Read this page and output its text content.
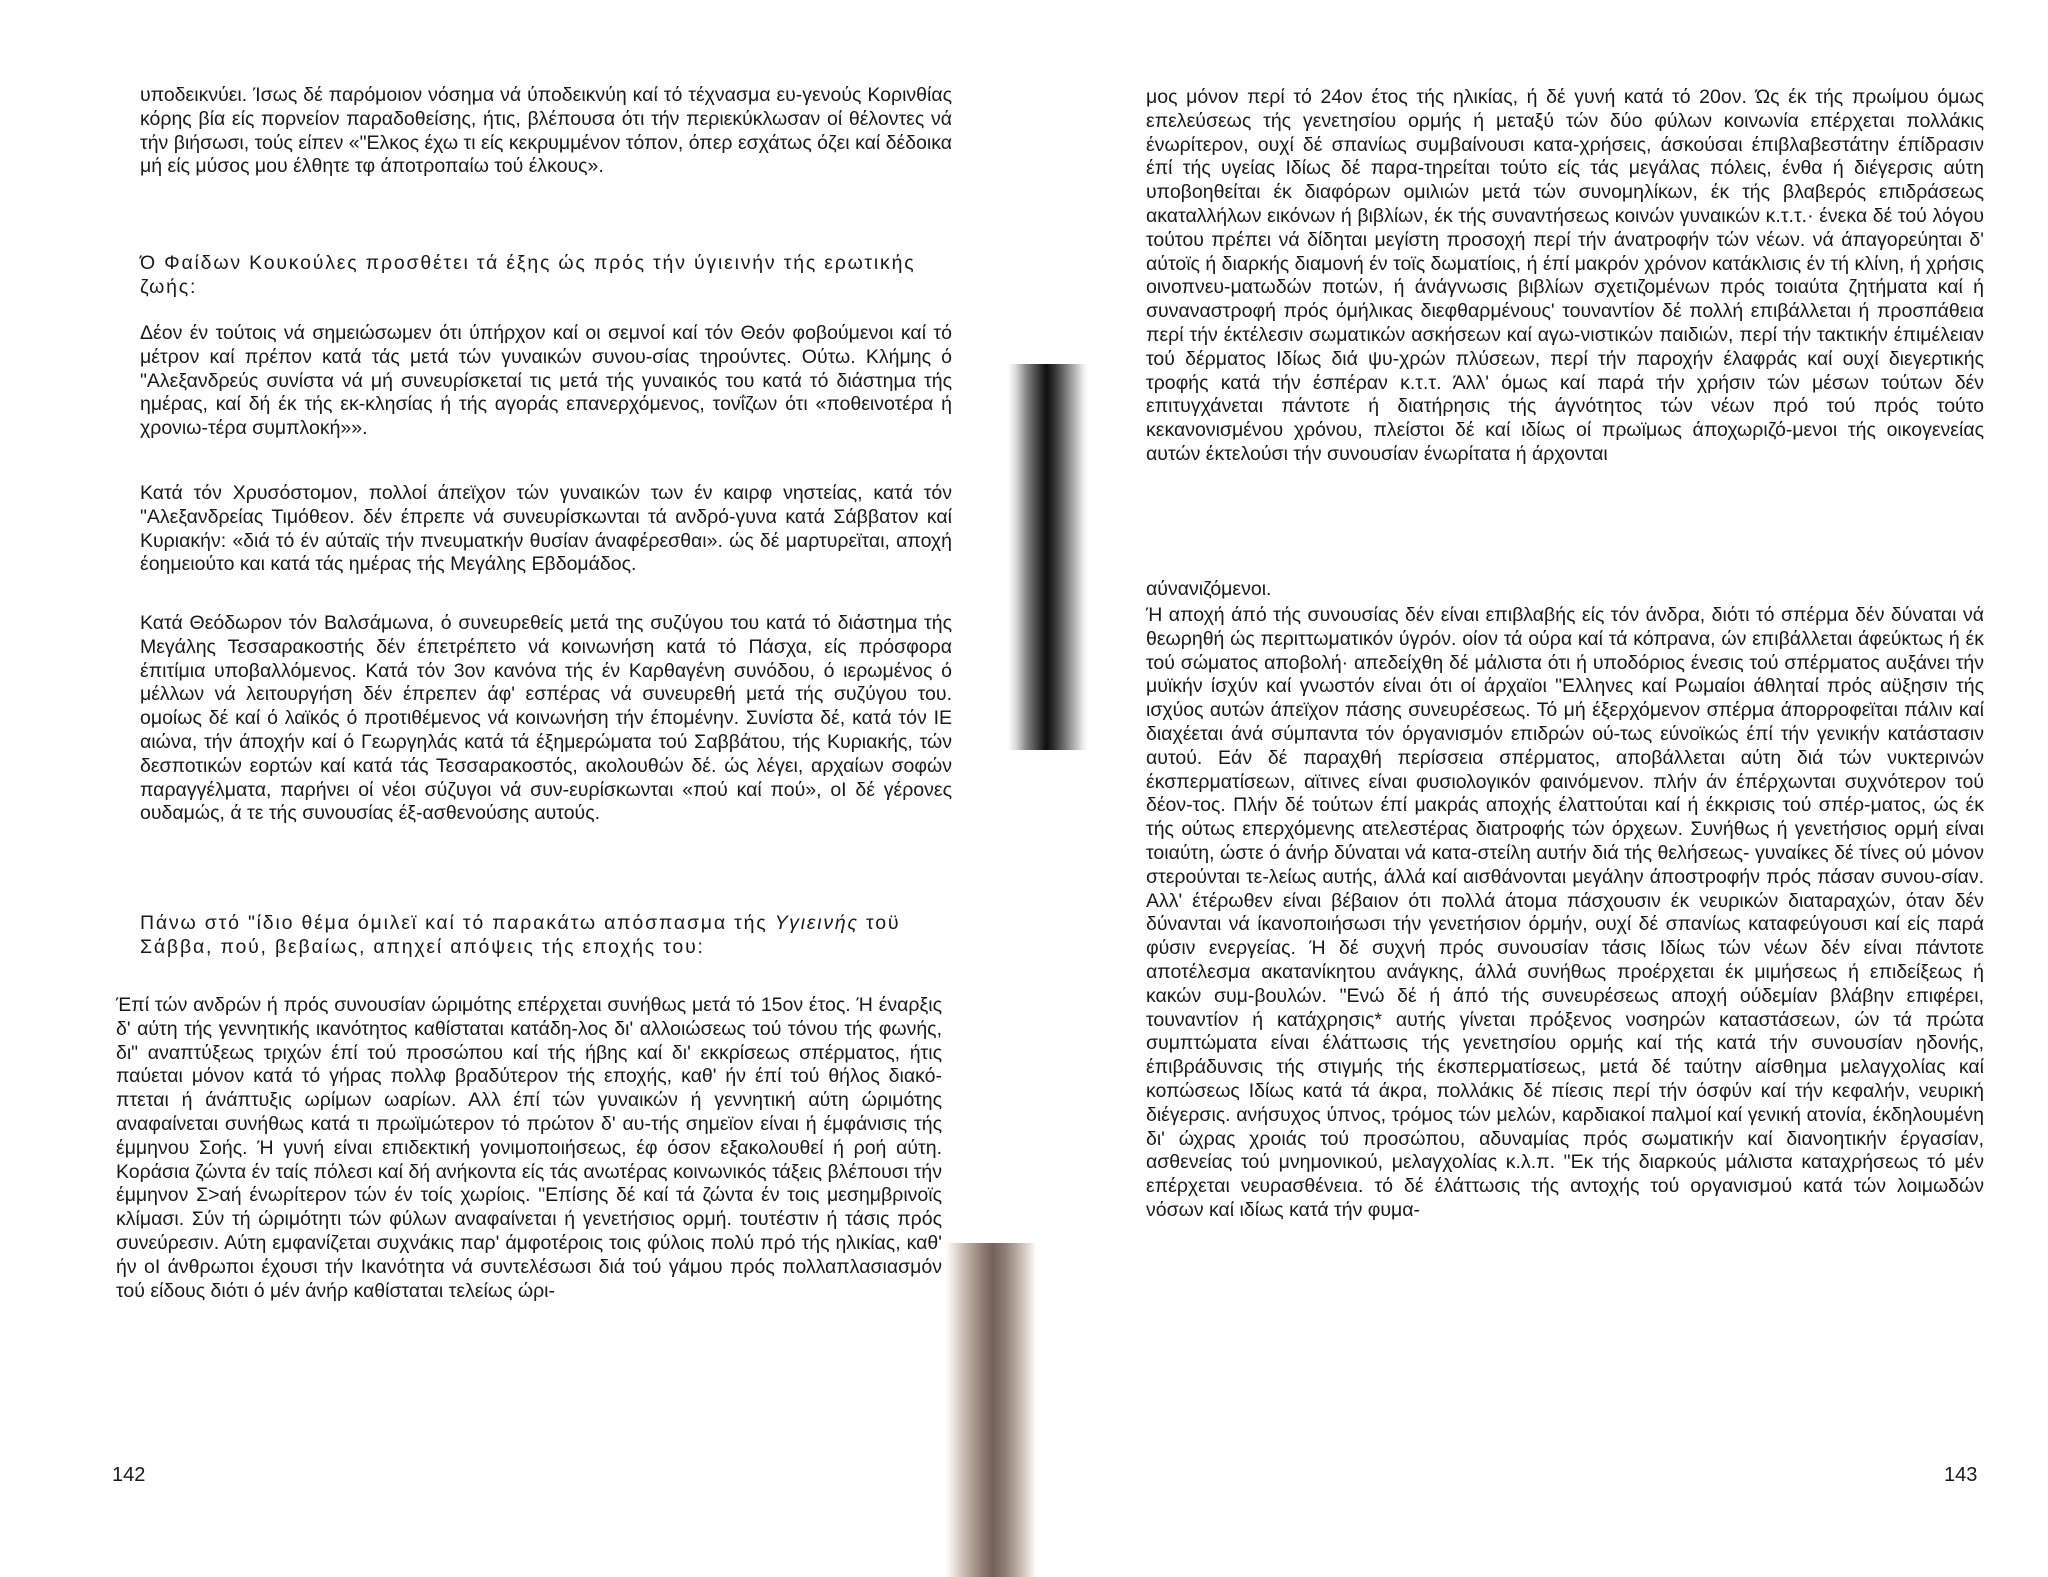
υποδεικνύει. Ίσως δέ παρόμοιον νόσημα νά ύποδεικνύη καί τό τέχνασμα ευ-γενούς Κορινθίας κόρης βία είς πορνείον παραδοθείσης, ήτις, βλέπουσα ότι τήν περιεκύκλωσαν οί θέλοντες νά τήν βιήσωσι, τούς είπεν «"Ελκος έχω τι είς κεκρυμμένον τόπον, όπερ εσχάτως όζει καί δέδοικα μή είς μύσος μου έλθητε τφ άποτροπαίω τού έλκους».
Ό Φαίδων Κουκούλες προσθέτει τά έξης ώς πρός τήν ύγιεινήν τής ερωτικής ζωής:
Δέον έν τούτοις νά σημειώσωμεν ότι ύπήρχον καί οι σεμνοί καί τόν Θεόν φοβούμενοι καί τό μέτρον καί πρέπον κατά τάς μετά τών γυναικών συνου-σίας τηρούντες. Ούτω. Κλήμης ό "Αλεξανδρεύς συνίστα νά μή συνευρίσκεταί τις μετά τής γυναικός του κατά τό διάστημα τής ημέρας, καί δή έκ τής εκ-κλησίας ή τής αγοράς επανερχόμενος, τονΐζων ότι «ποθεινοτέρα ή χρονιω-τέρα συμπλοκή»».
Κατά τόν Χρυσόστομον, πολλοί άπεϊχον τών γυναικών των έν καιρφ νηστείας, κατά τόν "Αλεξανδρείας Τιμόθεον. δέν έπρεπε νά συνευρίσκωνται τά ανδρό-γυνα κατά Σάββατον καί Κυριακήν: «διά τό έν αύταϊς τήν πνευματκήν θυσίαν άναφέρεσθαι». ώς δέ μαρτυρεϊται, αποχή έοημειούτο και κατά τάς ημέρας τής Μεγάλης Εβδομάδος.
Κατά Θεόδωρον τόν Βαλσάμωνα, ό συνευρεθείς μετά της συζύγου του κατά τό διάστημα τής Μεγάλης Τεσσαρακοστής δέν έπετρέπετο νά κοινωνήση κατά τό Πάσχα, είς πρόσφορα έπιτίμια υποβαλλόμενος. Κατά τόν 3ον κανόνα τής έν Καρθαγένη συνόδου, ό ιερωμένος ό μέλλων νά λειτουργήση δέν έπρεπεν άφ' εσπέρας νά συνευρεθή μετά τής συζύγου του. ομοίως δέ καί ό λαϊκός ό προτιθέμενος νά κοινωνήση τήν έπομένην. Συνίστα δέ, κατά τόν ΙΕ αιώνα, τήν άποχήν καί ό Γεωργηλάς κατά τά έξημερώματα τού Σαββάτου, τής Κυριακής, τών δεσποτικών εορτών καί κατά τάς Τεσσαρακοστός, ακολουθών δέ. ώς λέγει, αρχαίων σοφών παραγγέλματα, παρήνει οί νέοι σύζυγοι νά συν-ευρίσκωνται «πού καί πού», οΙ δέ γέρονες ουδαμώς, ά τε τής συνουσίας έξ-ασθενούσης αυτούς.
Πάνω στό "ίδιο θέμα όμιλεϊ καί τό παρακάτω απόσπασμα τής Υγιεινής τοϋ Σάββα, πού, βεβαίως, απηχεί απόψεις τής εποχής του:
Έπί τών ανδρών ή πρός συνουσίαν ώριμότης επέρχεται συνήθως μετά τό 15ον έτος. Ή έναρξις δ' αύτη τής γεννητικής ικανότητος καθίσταται κατάδη-λος δι' αλλοιώσεως τού τόνου τής φωνής, δι" αναπτύξεως τριχών έπί τού προσώπου καί τής ήβης καί δι' εκκρίσεως σπέρματος, ήτις παύεται μόνον κατά τό γήρας πολλφ βραδύτερον τής εποχής, καθ' ήν έπί τού θήλος διακό-πτεται ή άνάπτυξις ωρίμων ωαρίων. Αλλ έπί τών γυναικών ή γεννητική αύτη ώριμότης αναφαίνεται συνήθως κατά τι πρωϊμώτερον τό πρώτον δ' αυ-τής σημεϊον είναι ή έμφάνισις τής έμμηνου Σοής. Ή γυνή είναι επιδεκτική γονιμοποιήσεως, έφ όσον εξακολουθεί ή ροή αύτη. Κοράσια ζώντα έν ταίς πόλεσι καί δή ανήκοντα είς τάς ανωτέρας κοινωνικός τάξεις βλέπουσι τήν έμμηνον Σ>αή ένωρίτερον τών έν τοίς χωρίοις. "Επίσης δέ καί τά ζώντα έν τοις μεσημβρινοϊς κλίμασι. Σύν τή ώριμότητι τών φύλων αναφαίνεται ή γενετήσιος ορμή. τουτέστιν ή τάσις πρός συνεύρεσιν. Αύτη εμφανίζεται συχνάκις παρ' άμφοτέροις τοις φύλοις πολύ πρό τής ηλικίας, καθ' ήν οΙ άνθρωποι έχουσι τήν Ικανότητα νά συντελέσωσι διά τού γάμου πρός πολλαπλασιασμόν τού είδους διότι ό μέν άνήρ καθίσταται τελείως ώρι-
142
μος μόνον περί τό 24ον έτος τής ηλικίας, ή δέ γυνή κατά τό 20ον. Ώς έκ τής πρωίμου όμως επελεύσεως τής γενετησίου ορμής ή μεταξύ τών δύο φύλων κοινωνία επέρχεται πολλάκις ένωρίτερον, ουχί δέ σπανίως συμβαίνουσι κατα-χρήσεις, άσκούσαι έπιβλαβεστάτην έπίδρασιν έπί τής υγείας Ιδίως δέ παρα-τηρείται τούτο είς τάς μεγάλας πόλεις, ένθα ή διέγερσις αύτη υποβοηθείται έκ διαφόρων ομιλιών μετά τών συνομηλίκων, έκ τής βλαβερός επιδράσεως ακαταλλήλων εικόνων ή βιβλίων, έκ τής συναντήσεως κοινών γυναικών κ.τ.τ.· ένεκα δέ τού λόγου τούτου πρέπει νά δίδηται μεγίστη προσοχή περί τήν άνατροφήν τών νέων. νά άπαγορεύηται δ' αύτοϊς ή διαρκής διαμονή έν τοϊς δωματίοις, ή έπί μακρόν χρόνον κατάκλισις έν τή κλίνη, ή χρήσις οινοπνευ-ματωδών ποτών, ή άνάγνωσις βιβλίων σχετιζομένων πρός τοιαύτα ζητήματα καί ή συναναστροφή πρός όμήλικας διεφθαρμένους' τουναντίον δέ πολλή επιβάλλεται ή προσπάθεια περί τήν έκτέλεσιν σωματικών ασκήσεων καί αγω-νιστικών παιδιών, περί τήν τακτικήν έπιμέλειαν τού δέρματος Ιδίως διά ψυ-χρών πλύσεων, περί τήν παροχήν έλαφράς καί ουχί διεγερτικής τροφής κατά τήν έσπέραν κ.τ.τ. Άλλ' όμως καί παρά τήν χρήσιν τών μέσων τούτων δέν επιτυγχάνεται πάντοτε ή διατήρησις τής άγνότητος τών νέων πρό τού πρός τούτο κεκανονισμένου χρόνου, πλείστοι δέ καί ιδίως οί πρωϊμως άποχωριζό-μενοι τής οικογενείας αυτών έκτελούσι τήν συνουσίαν ένωρίτατα ή άρχονται
αύνανιζόμενοι.
Ή αποχή άπό τής συνουσίας δέν είναι επιβλαβής είς τόν άνδρα, διότι τό σπέρμα δέν δύναται νά θεωρηθή ώς περιττωματικόν ύγρόν. οίον τά ούρα καί τά κόπρανα, ών επιβάλλεται άφεύκτως ή έκ τού σώματος αποβολή· απεδείχθη δέ μάλιστα ότι ή υποδόριος ένεσις τού σπέρματος αυξάνει τήν μυϊκήν ίσχύν καί γνωστόν είναι ότι οί άρχαϊοι "Ελληνες καί Ρωμαίοι άθληταί πρός αϋξησιν τής ισχύος αυτών άπεϊχον πάσης συνευρέσεως. Τό μή έξερχόμενον σπέρμα άπορροφεϊται πάλιν καί διαχέεται άνά σύμπαντα τόν όργανισμόν επιδρών ού-τως εύνοϊκώς έπί τήν γενικήν κατάστασιν αυτού. Εάν δέ παραχθή περίσσεια σπέρματος, αποβάλλεται αύτη διά τών νυκτερινών έκσπερματίσεων, αϊτινες είναι φυσιολογικόν φαινόμενον. πλήν άν έπέρχωνται συχνότερον τού δέον-τος. Πλήν δέ τούτων έπί μακράς αποχής έλαττούται καί ή έκκρισις τού σπέρ-ματος, ώς έκ τής ούτως επερχόμενης ατελεστέρας διατροφής τών όρχεων. Συνήθως ή γενετήσιος ορμή είναι τοιαύτη, ώστε ό άνήρ δύναται νά κατα-στείλη αυτήν διά τής θελήσεως- γυναίκες δέ τίνες ού μόνον στερούνται τε-λείως αυτής, άλλά καί αισθάνονται μεγάλην άποστροφήν πρός πάσαν συνου-σίαν. Αλλ' έτέρωθεν είναι βέβαιον ότι πολλά άτομα πάσχουσιν έκ νευρικών διαταραχών, όταν δέν δύνανται νά ίκανοποιήσωσι τήν γενετήσιον όρμήν, ουχί δέ σπανίως καταφεύγουσι καί είς παρά φύσιν ενεργείας. Ή δέ συχνή πρός συνουσίαν τάσις Ιδίως τών νέων δέν είναι πάντοτε αποτέλεσμα ακατανίκητου ανάγκης, άλλά συνήθως προέρχεται έκ μιμήσεως ή επιδείξεως ή κακών συμ-βουλών. "Ενώ δέ ή άπό τής συνευρέσεως αποχή ούδεμίαν βλάβην επιφέρει, τουναντίον ή κατάχρησις* αυτής γίνεται πρόξενος νοσηρών καταστάσεων, ών τά πρώτα συμπτώματα είναι έλάττωσις τής γενετησίου ορμής καί τής κατά τήν συνουσίαν ηδονής, έπιβράδυνσις τής στιγμής τής έκσπερματίσεως, μετά δέ ταύτην αίσθημα μελαγχολίας καί κοπώσεως Ιδίως κατά τά άκρα, πολλάκις δέ πίεσις περί τήν όσφύν καί τήν κεφαλήν, νευρική διέγερσις. ανήσυχος ύπνος, τρόμος τών μελών, καρδιακοί παλμοί καί γενική ατονία, έκδηλουμένη δι' ώχρας χροιάς τού προσώπου, αδυναμίας πρός σωματικήν καί διανοητικήν έργασίαν, ασθενείας τού μνημονικού, μελαγχολίας κ.λ.π. "Εκ τής διαρκούς μάλιστα καταχρήσεως τό μέν επέρχεται νευρασθένεια. τό δέ έλάττωσις τής αντοχής τού οργανισμού κατά τών λοιμωδών νόσων καί ιδίως κατά τήν φυμα-
143
